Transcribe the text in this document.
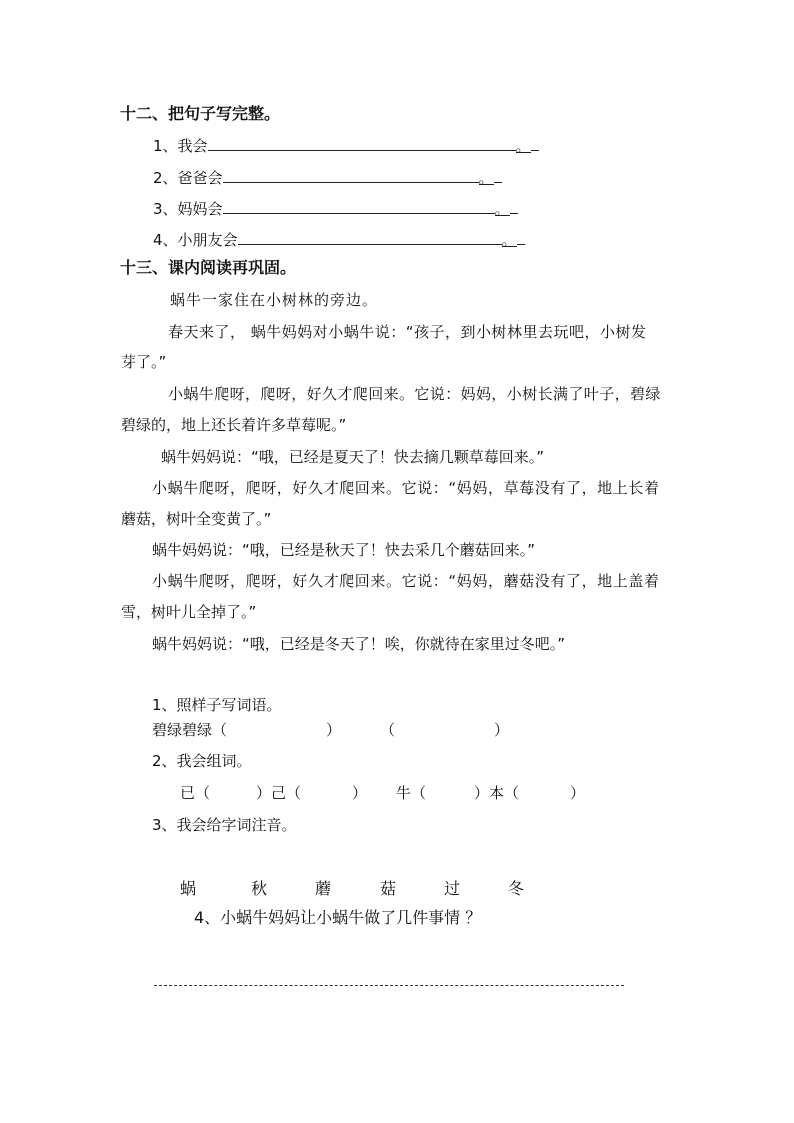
十二、把句子写完整。
1、我会	。
2、爸爸会	。
3、妈妈会	。
4、小朋友会	。
十三、课内阅读再巩固。
蜗牛一家住在小树林的旁边。
春天来了， 蜗牛妈妈对小蜗牛说：“孩子，到小树林里去玩吧，小树发
芽了。”
小蜗牛爬呀，爬呀，好久才爬回来。它说：妈妈，小树长满了叶子，碧绿
碧绿的，地上还长着许多草莓呢。”
蜗牛妈妈说：“哦，已经是夏天了！快去摘几颗草莓回来。”
小蜗牛爬呀，爬呀，好久才爬回来。它说：“妈妈，草莓没有了，地上长着
蘑菇，树叶全变黄了。”
蜗牛妈妈说：“哦，已经是秋天了！快去采几个蘑菇回来。”
小蜗牛爬呀，爬呀，好久才爬回来。它说：“妈妈，蘑菇没有了，地上盖着
雪，树叶儿全掉了。”
蜗牛妈妈说：“哦，已经是冬天了！唉，你就待在家里过冬吧。”
1、照样子写词语。
碧绿碧绿（	）	（	）
2、我会组词。
已（	）己（	） 牛（	）本（	）
3、我会给字词注音。
蜗	秋	蘑	菇	过	冬
4、小蜗牛妈妈让小蜗牛做了几件事情 ？
